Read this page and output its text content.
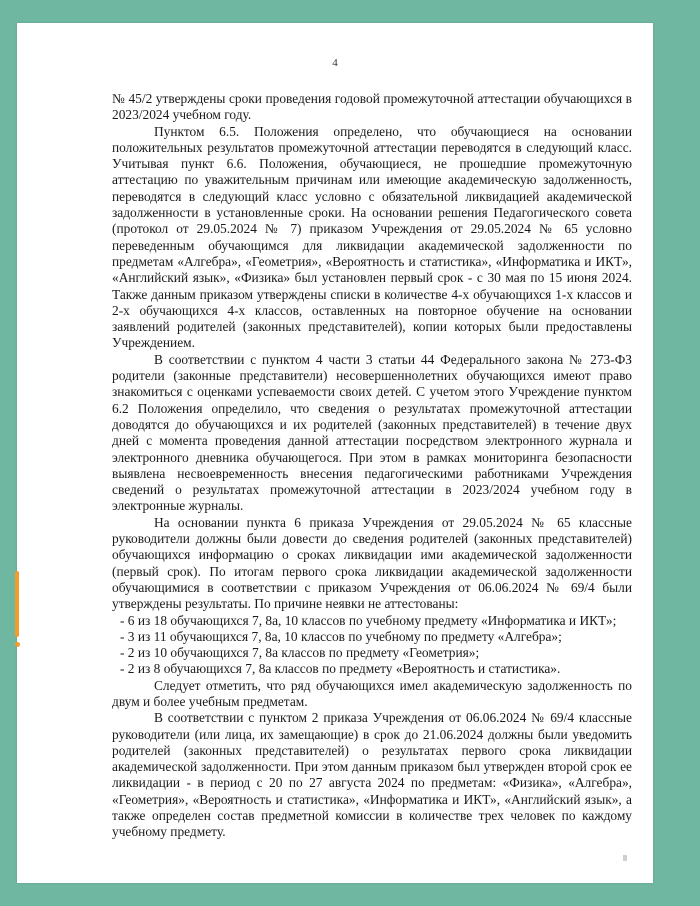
4

№ 45/2 утверждены сроки проведения годовой промежуточной аттестации обучающихся в 2023/2024 учебном году.

Пунктом 6.5. Положения определено, что обучающиеся на основании положительных результатов промежуточной аттестации переводятся в следующий класс. Учитывая пункт 6.6. Положения, обучающиеся, не прошедшие промежуточную аттестацию по уважительным причинам или имеющие академическую задолженность, переводятся в следующий класс условно с обязательной ликвидацией академической задолженности в установленные сроки. На основании решения Педагогического совета (протокол от 29.05.2024 № 7) приказом Учреждения от 29.05.2024 № 65 условно переведенным обучающимся для ликвидации академической задолженности по предметам «Алгебра», «Геометрия», «Вероятность и статистика», «Информатика и ИКТ», «Английский язык», «Физика» был установлен первый срок - с 30 мая по 15 июня 2024. Также данным приказом утверждены списки в количестве 4-х обучающихся 1-х классов и 2-х обучающихся 4-х классов, оставленных на повторное обучение на основании заявлений родителей (законных представителей), копии которых были предоставлены Учреждением.

В соответствии с пунктом 4 части 3 статьи 44 Федерального закона № 273-ФЗ родители (законные представители) несовершеннолетних обучающихся имеют право знакомиться с оценками успеваемости своих детей. С учетом этого Учреждение пунктом 6.2 Положения определило, что сведения о результатах промежуточной аттестации доводятся до обучающихся и их родителей (законных представителей) в течение двух дней с момента проведения данной аттестации посредством электронного журнала и электронного дневника обучающегося. При этом в рамках мониторинга безопасности выявлена несвоевременность внесения педагогическими работниками Учреждения сведений о результатах промежуточной аттестации в 2023/2024 учебном году в электронные журналы.

На основании пункта 6 приказа Учреждения от 29.05.2024 № 65 классные руководители должны были довести до сведения родителей (законных представителей) обучающихся информацию о сроках ликвидации ими академической задолженности (первый срок). По итогам первого срока ликвидации академической задолженности обучающимися в соответствии с приказом Учреждения от 06.06.2024 № 69/4 были утверждены результаты. По причине неявки не аттестованы:

- 6 из 18 обучающихся 7, 8а, 10 классов по учебному предмету «Информатика и ИКТ»;

- 3 из 11 обучающихся 7, 8а, 10 классов по учебному по предмету «Алгебра»;

- 2 из 10 обучающихся 7, 8а классов по предмету «Геометрия»;

- 2 из 8 обучающихся 7, 8а классов по предмету «Вероятность и статистика».

Следует отметить, что ряд обучающихся имел академическую задолженность по двум и более учебным предметам.

В соответствии с пунктом 2 приказа Учреждения от 06.06.2024 № 69/4 классные руководители (или лица, их замещающие) в срок до 21.06.2024 должны были уведомить родителей (законных представителей) о результатах первого срока ликвидации академической задолженности. При этом данным приказом был утвержден второй срок ее ликвидации - в период с 20 по 27 августа 2024 по предметам: «Физика», «Алгебра», «Геометрия», «Вероятность и статистика», «Информатика и ИКТ», «Английский язык», а также определен состав предметной комиссии в количестве трех человек по каждому учебному предмету.
